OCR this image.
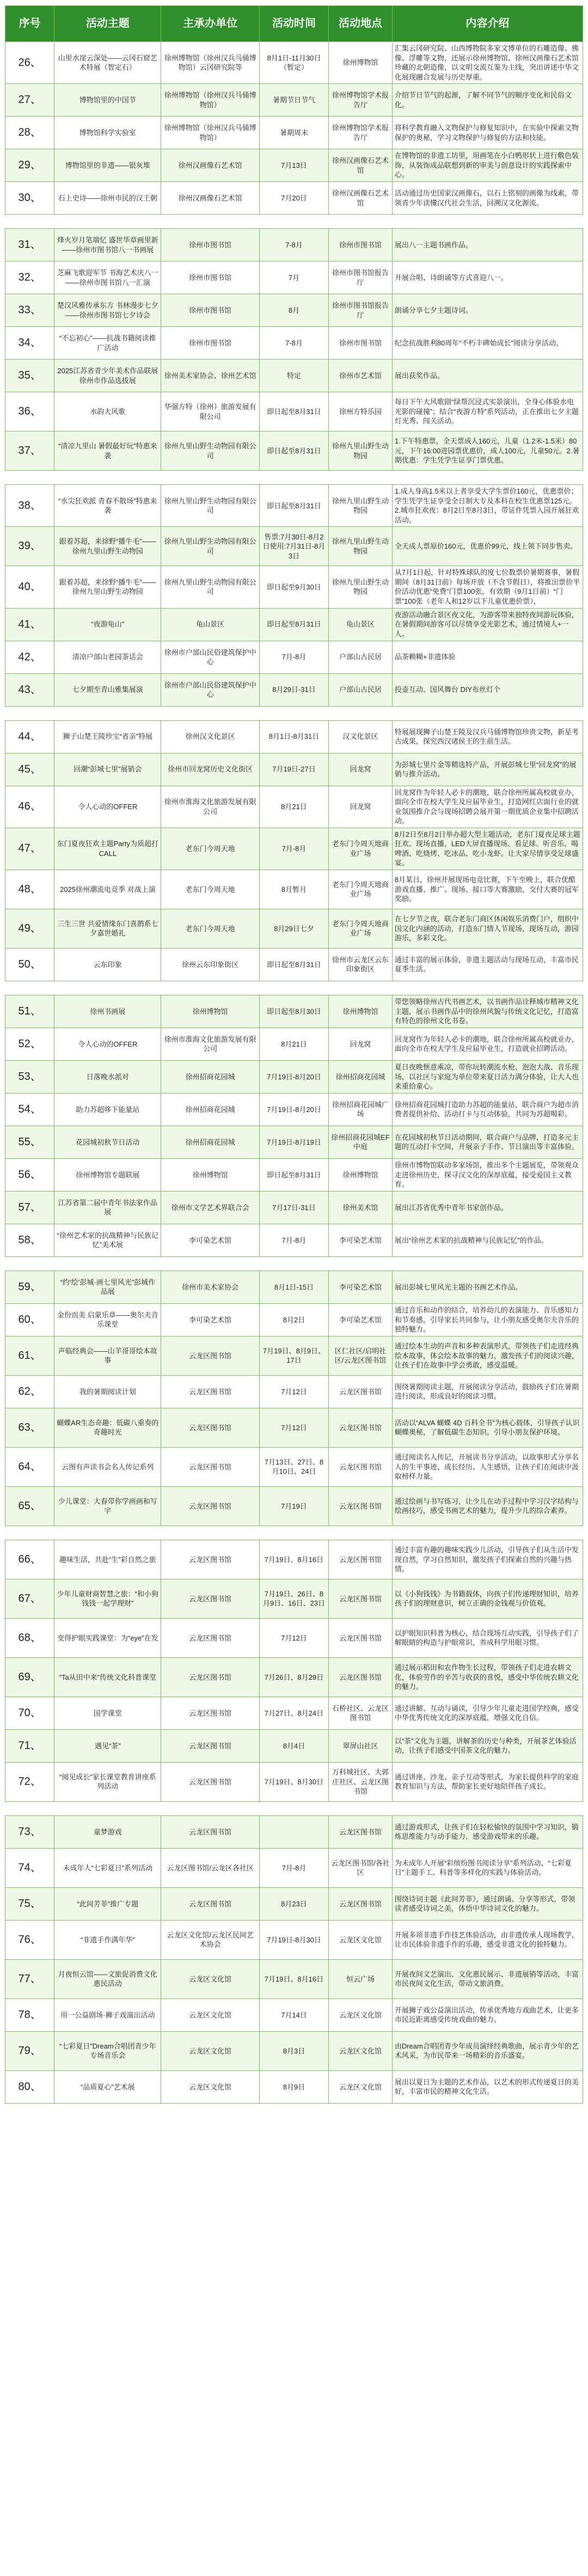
序号	活动主题	主承办单位	活动时间	活动地点	内容介绍
26、	山里水崖云深处——云冈石窟艺术特展（智定石）	徐州博物馆（徐州汉兵马俑博物馆）云冈研究院等	8月1日-11月30日（暂定）	徐州博物馆	汇集云冈研究院、山西博物院多家文博单位的石雕造像、佛像、浮雕等文物，还展示徐州博物馆、徐州汉画像石艺术馆珍藏的北朝造像，以文明交流互鉴为主线，突出讲述中华文化展现融合发展与历史厚重。
27、	博物馆里的中国节	徐州博物馆（徐州汉兵马俑博物馆）	暑期节日节气	徐州博物馆学术报告厅	介绍节日节气的起源，了解不同节气的顺序变化和民俗文化。
28、	博物馆科学实验室	徐州博物馆（徐州汉兵马俑博物馆）	暑期周末	徐州博物馆学术报告厅	将科学教育融入文物保护与修复知识中，在实验中探索文物保护的奥秘，学习文物保护与修复的方法和技能。
29、	博物馆里的非遗——银灰堆	徐州汉画像石艺术馆	7月13日	徐州汉画像石艺术馆	在博物馆的非遗工坊里，用画笔在小白鸭形状上进行敷色装饰，从装饰成品联想到新的审美与创意设计的实践探索中心。
30、	石上史诗——徐州市民的汉王朝	徐州汉画像石艺术馆	7月20日	徐州汉画像石艺术馆	活动通过历史国家汉画像石，以石上铭刻的画像为线索，带领青少年读懂汉代社会生活，回溯汉文化源流。

31、	烽火岁月笔端忆 盛世华章画里新——徐州市图书馆八一书画展	徐州市图书馆	7-8月	徐州市图书馆	展出八一主题书画作品。
32、	芝麻飞歌迎军节 书海艺术庆八一——徐州市图书馆八一汇演	徐州市图书馆	7月	徐州市图书馆报告厅	开展合唱、诗朗诵等方式喜迎八一。
33、	楚汉风雅传承东方 书林漫步七夕——徐州市图书馆七夕诗会	徐州市图书馆	8月	徐州市图书馆报告厅	朗诵分享七夕主题诗词。
34、	“不忘初心”——抗战书籍阅读推广活动	徐州市图书馆	7-8月	徐州市图书馆	纪念抗战胜利80周年“不朽丰碑始成长”阅读分享活动。
35、	2025江苏省青少年美术作品联展徐州市作品选拔展	徐州美术家协会、徐州艺术馆	特定	徐州市艺术馆	展出获奖作品。
36、	水韵大风歌	华强方特（徐州）旅游发展有限公司	即日起至8月31日	徐州方特乐园	每日下午大风歌剧“绿帮沉浸式实景演出，全身心体验水电光影的碰撞”；结合“夜游方特”系列活动，正在推出七夕主题灯光秀、闯关活动。
37、	“清凉九里山 暑假最好玩”特惠来袭	徐州九里山野生动物园有限公司	即日起至8月31日	徐州九里山野生动物园	1.下午特惠票，全天票成人160元，儿童（1.2米-1.5米）80元，下午16:00进园票优惠价，成人100元，儿童50元。2.暑期优惠：学生凭学生证享门票优惠。

38、	“水尖狂欢派 青春不散场”特惠来袭	徐州九里山野生动物园有限公司	即日起至8月31日	徐州九里山野生动物园	1.成人身高1.5米以上者享受大学生票价160元，优惠票价；学生凭学生证享受全日制大专及本科在校生优惠票125元。2.城市狂欢夜：8月2日至8月3日，带证件凭票入园开展狂欢活动。
39、	跟着苏超，来徐野“播牛毛”——徐州九里山野生动物园	徐州九里山野生动物园有限公司	售票:7月30日-8月2日使用:7月31日-8月3日	徐州九里山野生动物园	全天成人票原价160元，优惠价99元，线上领下同步售卖。
40、	跟着苏超，来徐野“播牛毛”——徐州九里山野生动物园	徐州九里山野生动物园有限公司	即日起至9月30日	徐州九里山野生动物园	从7月1日起，针对特殊球队的度七位数票价暑期赛事，暑假期间（8月31日前）每场开放（不含节假日），将推出票价半价活动优惠“免费”门票100张，有效期（9月1日前）“门票”100张（老年人和12岁以下儿童优惠价票），
41、	“夜游龟山”	龟山景区	即日起至8月31日	龟山景区	夜游活动融合景区夜文化，为游客带来独特夜间游玩体验，在暑假期间游客可以尽情享受光影艺术，通过情境人+一人。
42、	清凉户部山老园茶话会	徐州市户部山民俗建筑保护中心	7月-8月	户部山古民居	品茶赖糊+非遗体验
43、	七夕期至青山雅集展演	徐州市户部山民俗建筑保护中心	8月29日-31日	户部山古民居	投壶互动、国风舞台 DIY布丝灯个

44、	狮子山楚王陵珍宝“省亲”特展	徐州汉文化景区	8月1日-8月31日	汉文化景区	特展展现狮子山楚王陵及汉兵马俑博物馆珍贵文物，新星考古成果，探究西汉诸侯王的生前生活。
45、	回潮“彭城七里”展销会	徐州市回龙窝历史文化街区	7月19日-27日	回龙窝	为彭城七里片金等精选特产品，开展彭城七里“回龙窝”的展销与推介活动。
46、	令人心动的OFFER	徐州市淮海文化旅游发展有限公司	8月21日	回龙窝	回龙窝作为年轻人必卡的潮地，联合徐州所属高校就业办，面向全市在校大学生及应届毕业生，打造网红店面行业的就业氛围推介会与现场招聘会展开第一期优质企业集中招聘活动。
47、	东门夏夜狂欢主题Party为质超打CALL	老东门今周天地	7月-8月	老东门今周天地商业广场	8月2日至8月2日举办超大型主题活动，老东门夏夜足球主题狂欢、现场直播，LED大屏直播现场、看足球、听音乐、喝啤酒、吃烧烤、吃冰品、吃小龙虾。让大家尽情享受足球盛宴。
48、	2025徐州潮流电竞季 对战上演	老东门今周天地	8月暂月	老东门今周天地商业广场	8月某日，徐州开展现场电竞比赛，下午至晚上，联合优酷游戏直播、推广、现场、接口等大赛激励，交付大赛的冠军奖励。
49、	三生三世 共爱情缘东门喜鹊系七夕嘉世婚礼	老东门今周天地	8月29日七夕	老东门今周天地商业广场	在七夕节之夜，联合老东门商区休闲娱乐消费门户，组织中国文化内涵的活动，打造东门情人节现场，现场互动，游园游乐，多彩文化。
50、	云东印象	徐州云东印象街区	即日起至8月31日	徐州市云龙区云东印象街区	通过丰富的展示体验，非遗主题活动与现场互动，丰富市民夏季生活。

51、	徐州书画展	徐州博物馆	即日起至8月30日	徐州博物馆	带您领略徐州古代书画艺术，以书画作品诠释城市精神文化主题，展示书画作品中的徐州风貌与传统文化记忆，打造富有特色的徐州文化书卷。
52、	令人心动的OFFER	徐州市淮海文化旅游发展有限公司	8月21日	回龙窝	回龙窝作为年轻人必卡的潮地，联合徐州所属高校就业办，面向全市在校大学生及应届毕业生，打造就业招聘活动。
53、	日落晚水派对	徐州招商花园城	7月19日-8月20日	徐州招商花园城	夏日夜晚惬意乘凉，带你玩转潮流水枪、泡泡大战、音乐现场，以社区与家庭为单位带来夏日活力满分体验，让大人也来重拾童心。
54、	助力苏超哆下能量站	徐州招商花园城	7月19日-8月20日	徐州招商花园城广场	徐州招商花园城打造助力苏超的能量站，联合商户为超市消费者提供补给、活动打卡与互动体验，共同为苏超喝彩。
55、	花园城初秋节日活动	徐州招商花园城	7月19日-8月19日	徐州招商花园城EF中庭	在花园城初秋节日活动期间，联合商户与品牌，打造多元主题的互动打卡空间，开展亲子手作、节日演出等丰富体验。
56、	徐州博物馆专题联展	徐州博物馆	即日起至8月31日	徐州博物馆	徐州市博物馆联动多家场馆，推出多个主题展览，带领观众走进徐州历史，探寻汉文化的深厚底蕴，接受爱国主义教育。
57、	江苏省第二届中青年书法家作品展	徐州市文学艺术界联合会	7月17日-31日	徐州美术馆	展出江苏省优秀中青年书家创作品。
58、	“徐州艺术家的抗战精神与民族记忆”美术展	李可染艺术馆	7月-8月	李可染艺术馆	展出“徐州艺术家的抗战精神与民族记忆”的作品。

59、	“约‘绘’彭城·画七里风光”彭城作品展	徐州市美术家协会	8月1日-15日	李可染艺术馆	展出彭城七里风光主题的书画艺术作品。
60、	金份而美 启蒙乐章——奥尔夫音乐课堂	李可染艺术馆	8月2日	李可染艺术馆	通过音乐和动作的结合，培养幼儿的表演能力、音乐感知力和节奏感，引导家长共同参与，让小朋友感受奥尔夫音乐的独特魅力。
61、	声临经典会——山羊哥哥绘本故事	云龙区图书馆	7月19日、8月9日、17日	区仁社区/启明社区/云龙区图书馆	通过绘本生动的声音和多种表演形式，带领孩子们走进经典绘本故事，体会绘本故事的魅力，激发孩子们的阅读兴趣，让孩子们在故事中学会勇敢，感受温暖。
62、	我的暑期阅读计划	云龙区图书馆	7月12日	云龙区图书馆	围绕暑期阅读主题，开展阅读分享活动，鼓励孩子们在暑期进行阅读，形成良好的阅读习惯。
63、	蝴蝶AR生态奇趣：低碳八重奏的奇趣时光	云龙区图书馆	7月12日	云龙区图书馆	活动以“ALVA 蝴蝶 4D 百科全书”为核心载体，引导孩子认识蝴蝶奥秘，了解低碳生态知识。引导小朋友保护环境。
64、	云图有声读书会名人传记系列	云龙区图书馆	7月13日、27日、8月10日、24日	云龙区图书馆	通过阅读名人传记，开展读书分享活动，以故事形式分享名人的生平事迹、成长经历、人生感悟，让孩子们在阅读中汲取榜样力量。
65、	少儿课堂：大春带你学画画和写字	云龙区图书馆	7月19日	云龙区图书馆	通过绘画与书写练习，让少儿在动手过程中学习汉字结构与绘画技巧，感受书画艺术的魅力，提升少儿的综合素养。

66、	趣味生活，共赴“生”彩自然之旅	云龙区图书馆	7月19日、8月16日	云龙区图书馆	通过丰富有趣的趣味实践少儿活动，引导孩子们从生活中发现自然，学习自然知识，激发孩子们探索自然的兴趣与热情。
67、	少年儿童财商智慧之旅：“和小狗钱钱一起学理财”	云龙区图书馆	7月19日、26日、8月9日、16日、23日	云龙区图书馆	以《小狗钱钱》为书籍载体，向孩子们传递理财知识，培养孩子们的理财意识，树立正确的金钱观与价值观。
68、	变得护眼实践课堂：为“eye”在发	云龙区图书馆	7月12日	云龙区图书馆	以护眼知识科普为核心，结合现场互动实践，引导孩子们了解眼睛的构造与护眼常识，养成科学用眼习惯。
69、	“Ta从田中来”传统文化科普课堂	云龙区图书馆	7月26日、8月29日	云龙区图书馆	通过展示稻田和农作物生长过程，带领孩子们走进农耕文化，体验劳作的辛苦与收获的喜悦，感受中华传统农耕文化的魅力。
70、	国学课堂	云龙区图书馆	7月27日、8月24日	石桥社区、云龙区图书馆	通过讲解、互动与诵读，引导少年儿童走进国学经典，感受中华优秀传统文化的深厚底蕴，增强文化自信。
71、	遇见“茶”	云龙区图书馆	8月4日	翠屏山社区	以“茶”文化为主题，讲解茶的历史与种类，开展茶艺体验活动，让孩子们感受中国茶文化的魅力。
72、	“阅见成长”家长课堂教育讲座系列活动	云龙区图书馆	7月19日、8月30日	万科城社区、大郭庄社区、云龙区图书馆	通过讲座、沙龙、亲子互动等形式，为家长提供科学的家庭教育知识与方法，帮助家长更好地陪伴孩子成长。

73、	童梦游戏	云龙区图书馆		云龙区图书馆	通过游戏形式，让孩子们在轻松愉快的氛围中学习知识，锻炼思维能力与动手能力，感受游戏带来的乐趣。
74、	未成年人“七彩夏日”系列活动	云龙区图书馆/云龙区各社区	7月-8月	云龙区图书馆/各社区	为未成年人开展“彩缤纷图书阅读分享”系列活动、“七彩夏日”主题手工、科普等多样化的实践与体验活动。
75、	“此间芳菲”推广专题	云龙区图书馆	8月23日	云龙区图书馆	围绕诗词主题《此间芳菲》，通过朗诵、分享等形式，带领读者感受诗词之美，体悟中华诗词文化的魅力。
76、	“非遗手作满年华”	云龙区文化馆/云龙区民间艺术协会	7月19日-8月30日	云龙区文化馆	开展多项非遗手作技艺体验活动，由非遗传承人现场教学，让市民体验非遗手作的乐趣，感受非遗文化的独特魅力。
77、	月夜恒云馆——文旅促消费文化惠民活动	云龙区文化馆	7月19日、8月16日	恒云广场	开展夜间文艺演出、文化惠民展示、非遗展销等活动，丰富市民夜间文化生活，带动文旅消费。
78、	用一公益剧场·狮子戏演出活动	云龙区文化馆	7月14日	云龙区文化馆	开展狮子戏公益演出活动，传承优秀地方戏曲艺术，让更多市民近距离感受传统戏曲的魅力。
79、	“七彩夏日”Dream合唱团青少年专场音乐会	云龙区文化馆	8月3日	云龙区文化馆	由Dream合唱团青少年成员演绎经典歌曲，展示青少年的艺术风采，为市民带来一场精彩的音乐盛宴。
80、	“品质夏心”艺术展	云龙区文化馆	8月9日	云龙区文化馆	展出以夏日为主题的艺术作品，以艺术的形式传递夏日的美好，丰富市民的精神文化生活。
